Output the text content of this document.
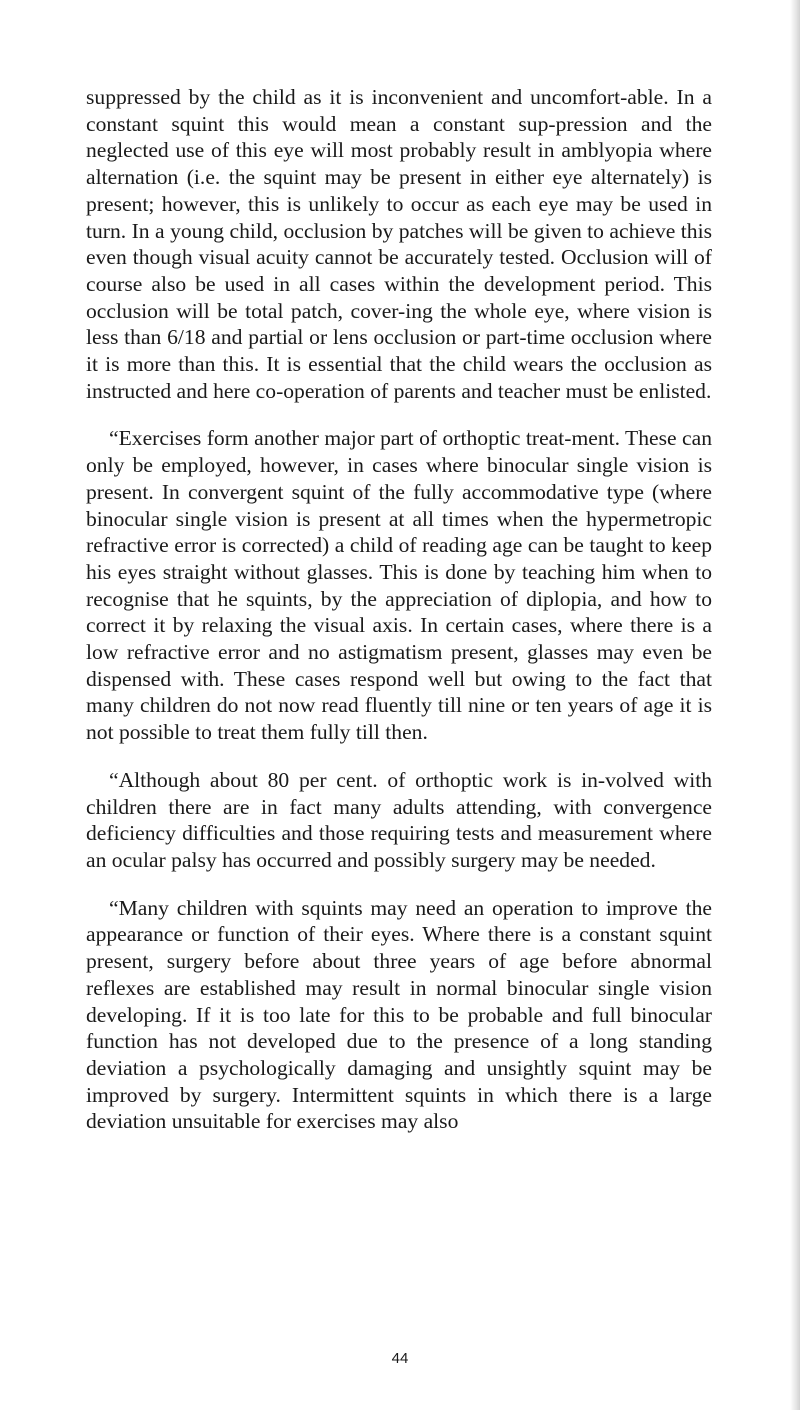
suppressed by the child as it is inconvenient and uncomfort-able. In a constant squint this would mean a constant sup-pression and the neglected use of this eye will most probably result in amblyopia where alternation (i.e. the squint may be present in either eye alternately) is present; however, this is unlikely to occur as each eye may be used in turn. In a young child, occlusion by patches will be given to achieve this even though visual acuity cannot be accurately tested. Occlusion will of course also be used in all cases within the development period. This occlusion will be total patch, cover-ing the whole eye, where vision is less than 6/18 and partial or lens occlusion or part-time occlusion where it is more than this. It is essential that the child wears the occlusion as instructed and here co-operation of parents and teacher must be enlisted.

“Exercises form another major part of orthoptic treat-ment. These can only be employed, however, in cases where binocular single vision is present. In convergent squint of the fully accommodative type (where binocular single vision is present at all times when the hypermetropic refractive error is corrected) a child of reading age can be taught to keep his eyes straight without glasses. This is done by teaching him when to recognise that he squints, by the appreciation of diplopia, and how to correct it by relaxing the visual axis. In certain cases, where there is a low refractive error and no astigmatism present, glasses may even be dispensed with. These cases respond well but owing to the fact that many children do not now read fluently till nine or ten years of age it is not possible to treat them fully till then.

“Although about 80 per cent. of orthoptic work is in-volved with children there are in fact many adults attending, with convergence deficiency difficulties and those requiring tests and measurement where an ocular palsy has occurred and possibly surgery may be needed.

“Many children with squints may need an operation to improve the appearance or function of their eyes. Where there is a constant squint present, surgery before about three years of age before abnormal reflexes are established may result in normal binocular single vision developing. If it is too late for this to be probable and full binocular function has not developed due to the presence of a long standing deviation a psychologically damaging and unsightly squint may be improved by surgery. Intermittent squints in which there is a large deviation unsuitable for exercises may also

44
